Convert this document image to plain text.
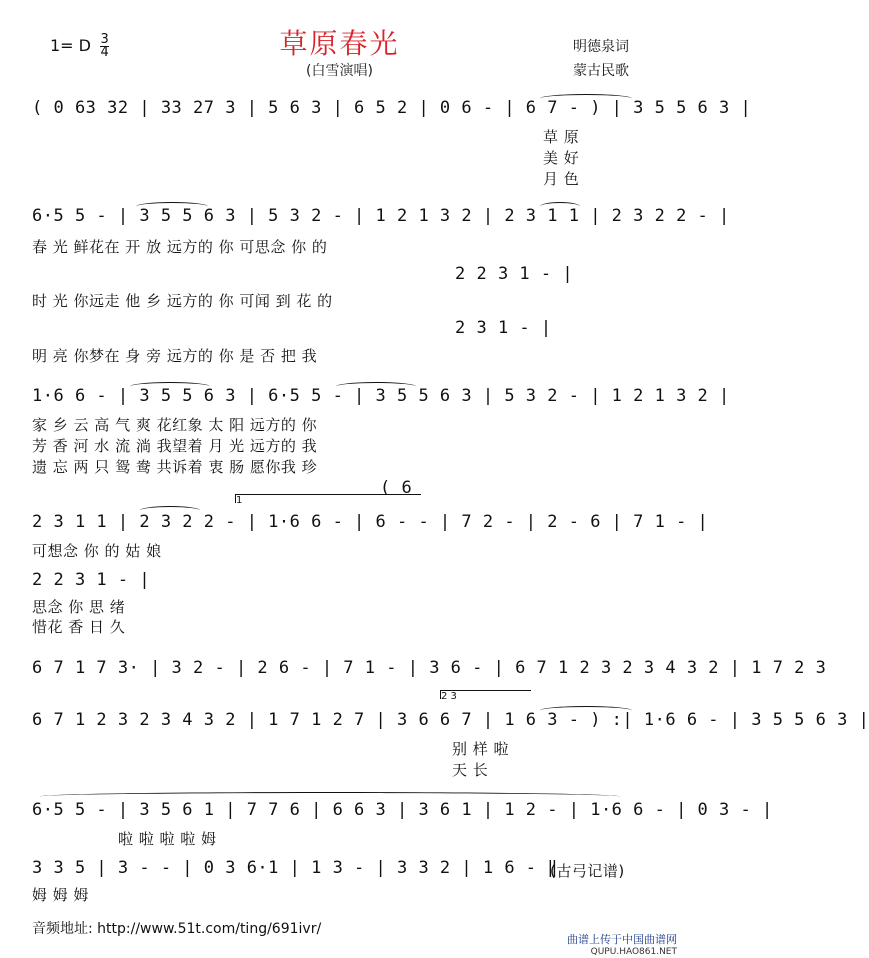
1= D $\frac{3}{4}$	草原春光
(白雪演唱)
明德泉词
蒙古民歌
( 0 63 32 | 33 27 3 | 5 6 3 | 6 5 2 | 0 6 - | 6 7 - ) | 3 5 5 6 3 |
草 原
美 好
月 色
6·5 5 - | 3 5 5 6 3 | 5 3 2 - | 1 2 1 3 2 | 2 3 1 1 | 2 3 2 2 - |
春 光 鲜花在 开 放 远方的 你 可思念 你 的
2 2 3 1 - |
时 光 你远走 他 乡 远方的 你 可闻 到 花 的
2 3 1 - |
明 亮 你梦在 身 旁 远方的 你 是 否 把 我
1·6 6 - | 3 5 5 6 3 | 6·5 5 - | 3 5 5 6 3 | 5 3 2 - | 1 2 1 3 2 |
家 乡 云 高 气 爽 花红象 太 阳 远方的 你
芳 香 河 水 流 淌 我望着 月 光 远方的 我
遗 忘 两 只 鸳 鸯 共诉着 衷 肠 愿你我 珍
( 6
1
2 3 1 1 | 2 3 2 2 - | 1·6 6 - | 6 - - | 7 2 - | 2 - 6 | 7 1 - |
可想念 你 的 姑 娘
2 2 3 1 - |
思念 你 思 绪
惜花 香 日 久
6 7 1 7 3· | 3 2 - | 2 6 - | 7 1 - | 3 6 - | 6 7 1 2 3 2 3 4 3 2 | 1 7 2 3
2 3
6 7 1 2 3 2 3 4 3 2 | 1 7 1 2 7 | 3 6 6 7 | 1 6 3 - ) :| 1·6 6 - | 3 5 5 6 3 |
别 样 啦
天 长
6·5 5 - | 3 5 6 1 | 7 7 6 | 6 6 3 | 3 6 1 | 1 2 - | 1·6 6 - | 0 3 - |
啦 啦 啦 啦 姆
3 3 5 | 3 - - | 0 3 6·1 | 1 3 - | 3 3 2 | 1 6 - ‖
(古弓记谱)
姆 姆 姆
音频地址: http://www.51t.com/ting/691ivr/
曲谱上传于中国曲谱网
QUPU.HAO861.NET
